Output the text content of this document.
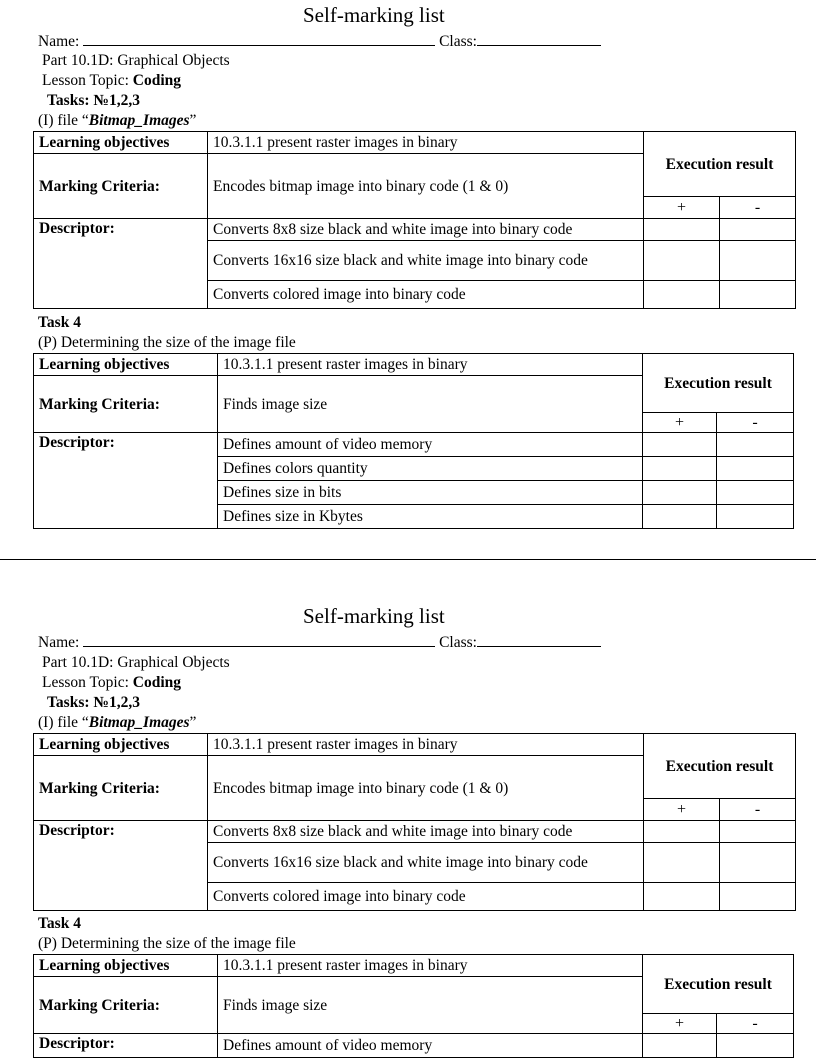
Self-marking list
Name:	Class:
Part 10.1D: Graphical Objects
Lesson Topic: Coding
Tasks: №1,2,3
(I) file “Bitmap_Images”
Learning objectives	10.3.1.1 present raster images in binary	Execution result	
Marking Criteria:	Encodes bitmap image into binary code (1 & 0)		
		+	-
Descriptor:	Converts 8x8 size black and white image into binary code		
	Converts 16x16 size black and white image into binary code		
	Converts colored image into binary code		
Task 4
(P) Determining the size of the image file
Learning objectives	10.3.1.1 present raster images in binary	Execution result	
Marking Criteria:	Finds image size		
		+	-
Descriptor:	Defines amount of video memory		
	Defines colors quantity		
	Defines size in bits		
	Defines size in Kbytes		
Self-marking list
Name:	Class:
Part 10.1D: Graphical Objects
Lesson Topic: Coding
Tasks: №1,2,3
(I) file “Bitmap_Images”
Learning objectives	10.3.1.1 present raster images in binary	Execution result	
Marking Criteria:	Encodes bitmap image into binary code (1 & 0)		
		+	-
Descriptor:	Converts 8x8 size black and white image into binary code		
	Converts 16x16 size black and white image into binary code		
	Converts colored image into binary code		
Task 4
(P) Determining the size of the image file
Learning objectives	10.3.1.1 present raster images in binary	Execution result	
Marking Criteria:	Finds image size		
		+	-
Descriptor:	Defines amount of video memory		
